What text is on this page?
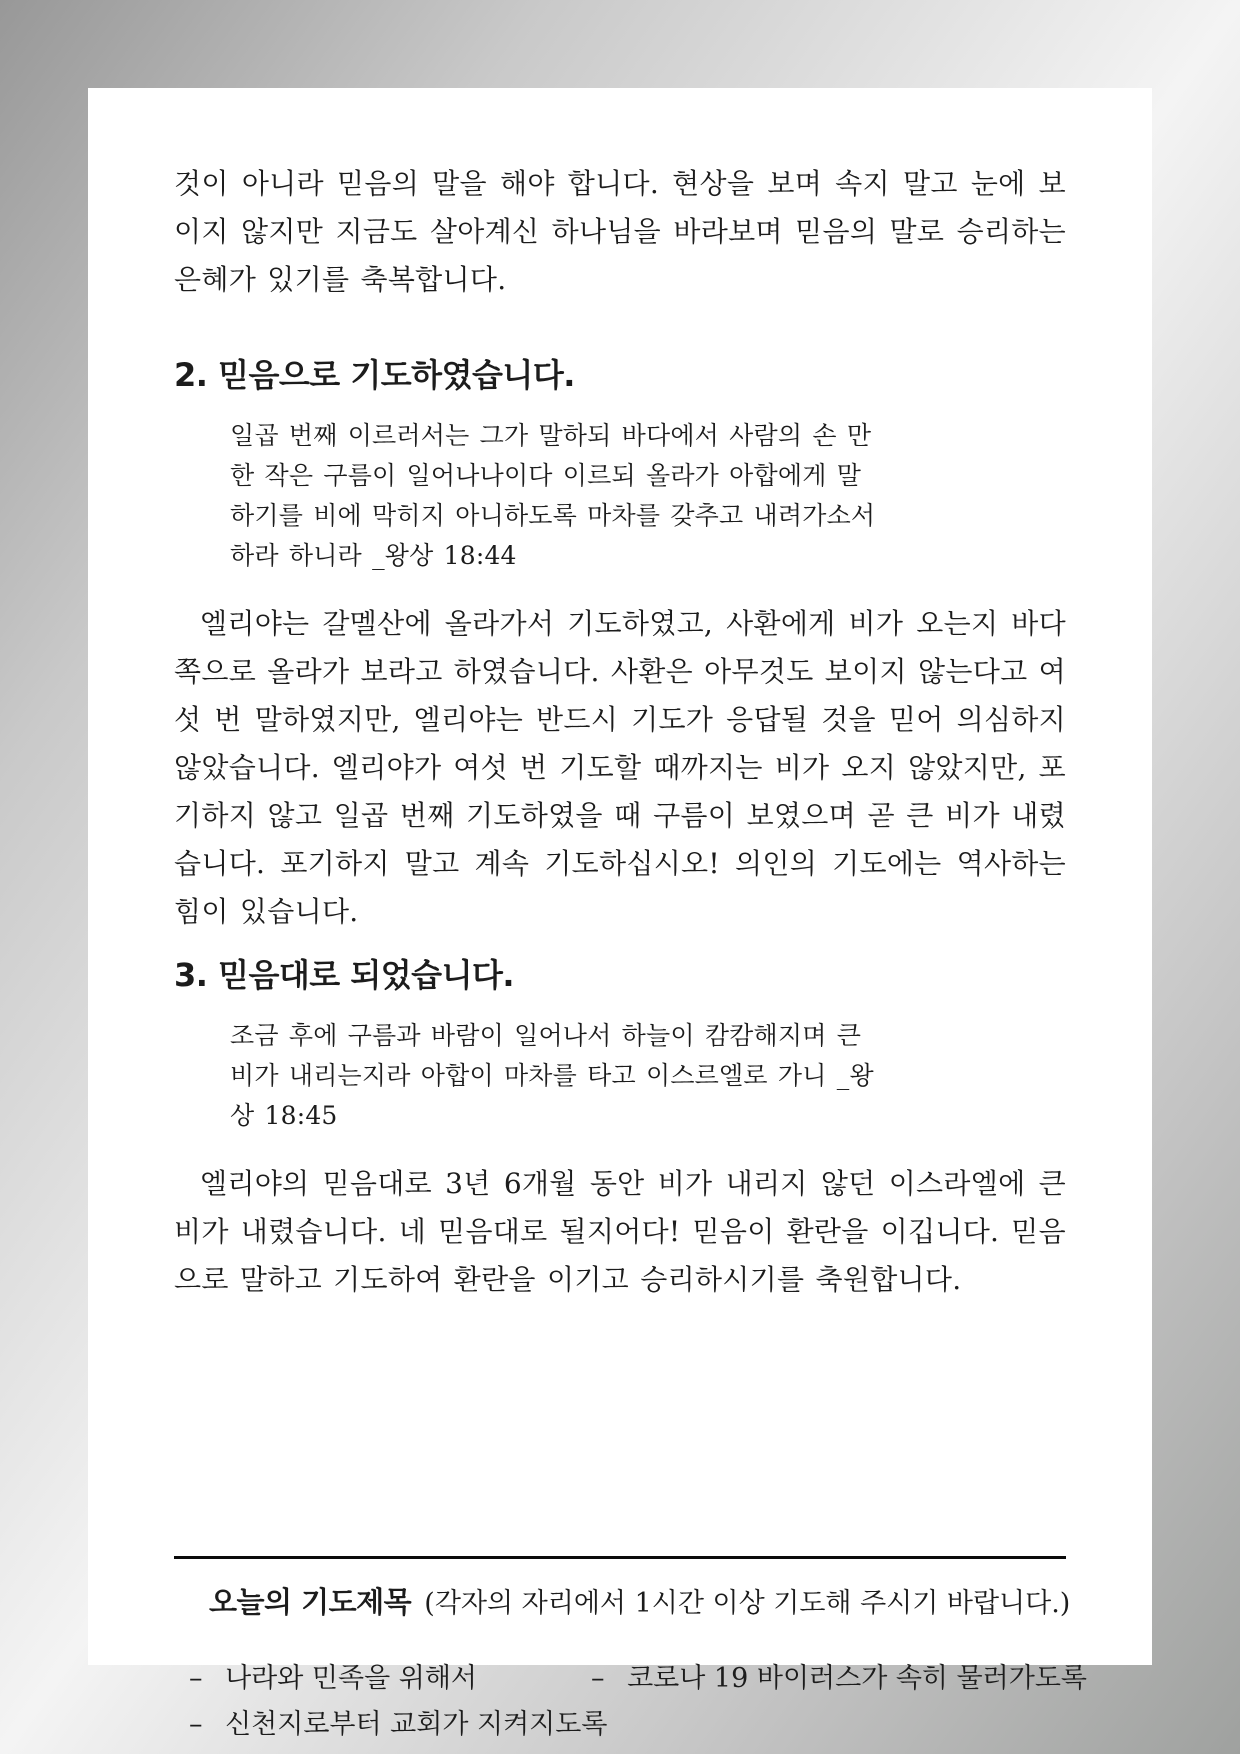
것이 아니라 믿음의 말을 해야 합니다. 현상을 보며 속지 말고 눈에 보이지 않지만 지금도 살아계신 하나님을 바라보며 믿음의 말로 승리하는 은혜가 있기를 축복합니다.

2. 믿음으로 기도하였습니다.
일곱 번째 이르러서는 그가 말하되 바다에서 사람의 손 만한 작은 구름이 일어나나이다 이르되 올라가 아합에게 말하기를 비에 막히지 아니하도록 마차를 갖추고 내려가소서 하라 하니라 _왕상 18:44

엘리야는 갈멜산에 올라가서 기도하였고, 사환에게 비가 오는지 바다 쪽으로 올라가 보라고 하였습니다. 사환은 아무것도 보이지 않는다고 여섯 번 말하였지만, 엘리야는 반드시 기도가 응답될 것을 믿어 의심하지 않았습니다. 엘리야가 여섯 번 기도할 때까지는 비가 오지 않았지만, 포기하지 않고 일곱 번째 기도하였을 때 구름이 보였으며 곧 큰 비가 내렸습니다. 포기하지 말고 계속 기도하십시오! 의인의 기도에는 역사하는 힘이 있습니다.

3. 믿음대로 되었습니다.
조금 후에 구름과 바람이 일어나서 하늘이 캄캄해지며 큰 비가 내리는지라 아합이 마차를 타고 이스르엘로 가니 _왕상 18:45

엘리야의 믿음대로 3년 6개월 동안 비가 내리지 않던 이스라엘에 큰비가 내렸습니다. 네 믿음대로 될지어다! 믿음이 환란을 이깁니다. 믿음으로 말하고 기도하여 환란을 이기고 승리하시기를 축원합니다.

오늘의 기도제목 (각자의 자리에서 1시간 이상 기도해 주시기 바랍니다.)
– 나라와 민족을 위해서	– 코로나 19 바이러스가 속히 물러가도록
– 신천지로부터 교회가 지켜지도록
